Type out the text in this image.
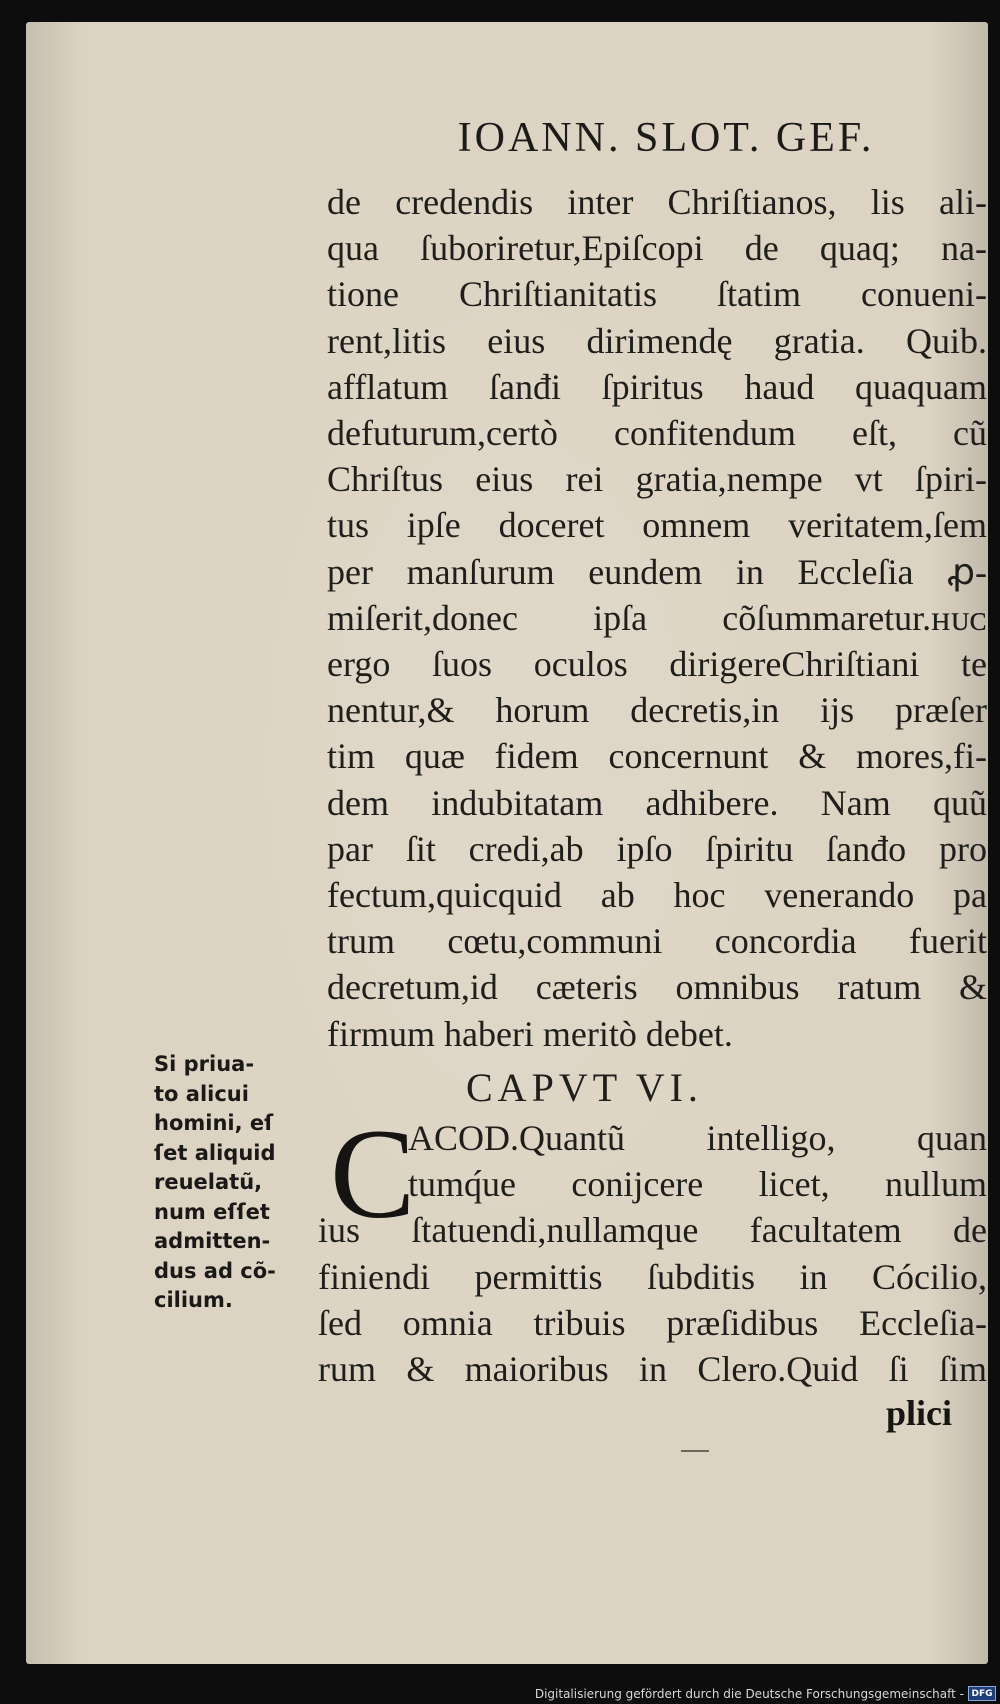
IOANN. SLOT. GEF.
de credendis inter Chriſtianos, lis ali-
qua ſuboriretur,Epiſcopi de quaq; na-
tione Chriſtianitatis ſtatim conueni-
rent,litis eius dirimendę gratia. Quib.
afflatum ſanđi ſpiritus haud quaquam
defuturum,certò confitendum eſt, cũ
Chriſtus eius rei gratia,nempe vt ſpiri-
tus ipſe doceret omnem veritatem,ſem
per manſurum eundem in Eccleſia ꝓ-
miſerit,donec ipſa cõſummaretur.ʜᴜᴄ
ergo ſuos oculos dirigereChriſtiani te
nentur,& horum decretis,in ijs præſer
tim quæ fidem concernunt & mores,fi-
dem indubitatam adhibere. Nam quũ
par ſit credi,ab ipſo ſpiritu ſanđo pro
fectum,quicquid ab hoc venerando pa
trum cœtu,communi concordia fuerit
decretum,id cæteris omnibus ratum &
firmum haberi meritò debet.
Si priua-
to alicui
homini, eſ
ſet aliquid
reuelatũ,
num eſſet
admitten-
dus ad cõ-
cilium.
CAPVT VI.
C
ACOD.Quantũ intelligo, quan
tumq́ue conijcere licet, nullum
ius ſtatuendi,nullamque facultatem de
finiendi permittis ſubditis in Cócilio,
ſed omnia tribuis præſidibus Eccleſia-
rum & maioribus in Clero.Quid ſi ſim
plici
Digitalisierung gefördert durch die Deutsche Forschungsgemeinschaft - DFG
